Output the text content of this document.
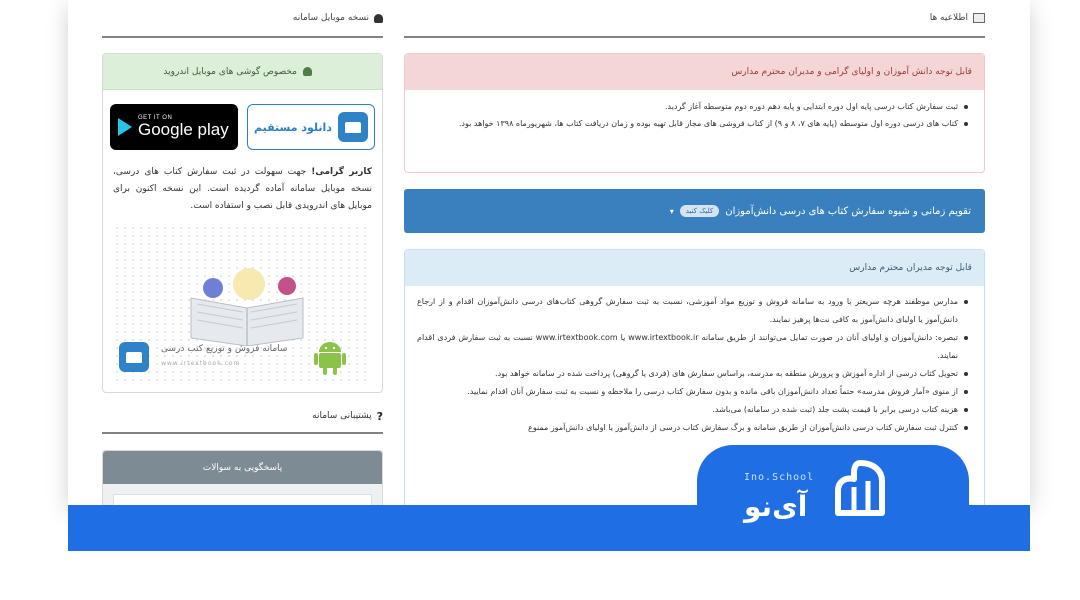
نسخه موبایل سامانه
مخصوص گوشی های موبایل اندروید
GET IT ON
Google play دانلود مستقیم

کاربر گرامی! جهت سهولت در ثبت سفارش کتاب های درسی، نسخه موبایل سامانه آماده گردیده است. این نسخه اکنون برای موبایل های اندرویدی قابل نصب و استفاده است.

سامانه فروش و توزیع کتب درسی
www.irtextbook.com
?
پشتیبانی سامانه
پاسخگویی به سوالات
اطلاعیه ها
قابل توجه دانش آموزان و اولیای گرامی و مدیران محترم مدارس
ثبت سفارش کتاب درسی پایه اول دوره ابتدایی و پایه دهم دوره دوم متوسطه آغاز گردید.
کتاب های درسی دوره اول متوسطه (پایه های ۷، ۸ و ۹) از کتاب فروشی های مجاز قابل تهیه بوده و زمان دریافت کتاب ها، شهریورماه ۱۳۹۸ خواهد بود.
تقویم زمانی و شیوه سفارش کتاب های درسی دانش‌آموزان
کلیک کنید
▾
قابل توجه مدیران محترم مدارس
مدارس موظفند هرچه سریعتر با ورود به سامانه فروش و توزیع مواد آموزشی، نسبت به ثبت سفارش گروهی کتاب‌های درسی دانش‌آموزان اقدام و از ارجاع دانش‌آموز یا اولیای دانش‌آموز به کافی نت‌ها پرهیز نمایند.
تبصره: دانش‌آموزان و اولیای آنان در صورت تمایل می‌توانند از طریق سامانه www.irtextbook.ir یا www.irtextbook.com نسبت به ثبت سفارش فردی اقدام نمایند.
تحویل کتاب درسی از اداره آموزش و پرورش منطقه به مدرسه، براساس سفارش های (فردی یا گروهی) پرداخت شده در سامانه خواهد بود.
از منوی «آمار فروش مدرسه» حتماً تعداد دانش‌آموزان باقی مانده و بدون سفارش کتاب درسی را ملاحظه و نسبت به ثبت سفارش آنان اقدام نمایید.
هزینه کتاب درسی برابر با قیمت پشت جلد (ثبت شده در سامانه) می‌باشد.
کنترل ثبت سفارش کتاب درسی دانش‌آموزان از طریق سامانه و برگ سفارش کتاب درسی از دانش‌آموز یا اولیای دانش‌آموز ممنوع
Ino.School
آی‌نو
